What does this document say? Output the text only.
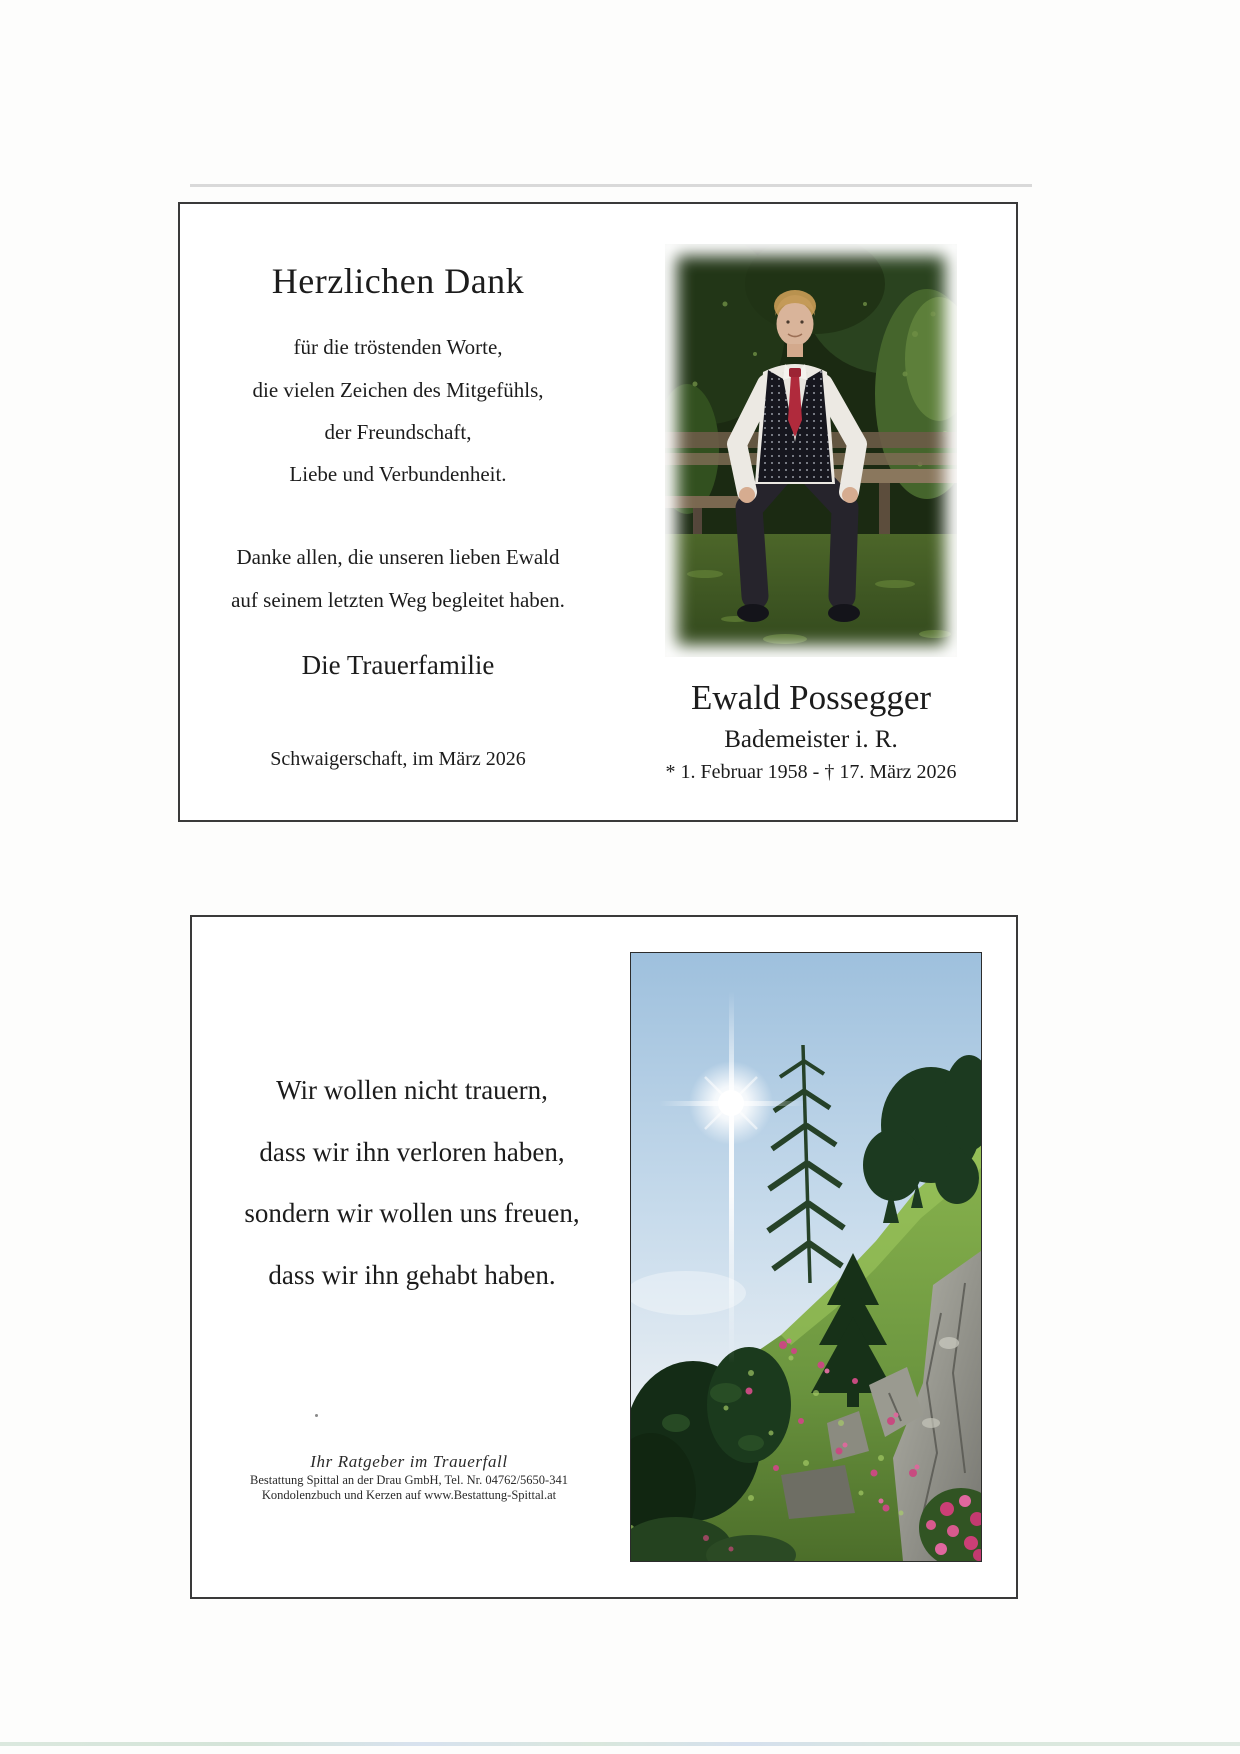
Herzlichen Dank

für die tröstenden Worte,

die vielen Zeichen des Mitgefühls,

der Freundschaft,

Liebe und Verbundenheit.

Danke allen, die unseren lieben Ewald

auf seinem letzten Weg begleitet haben.

Die Trauerfamilie

Schwaigerschaft, im März 2026

Ewald Possegger

Bademeister i. R.

* 1. Februar 1958 - † 17. März 2026

Wir wollen nicht trauern,

dass wir ihn verloren haben,

sondern wir wollen uns freuen,

dass wir ihn gehabt haben.

Ihr Ratgeber im Trauerfall

Bestattung Spittal an der Drau GmbH, Tel. Nr. 04762/5650-341

Kondolenzbuch und Kerzen auf www.Bestattung-Spittal.at
